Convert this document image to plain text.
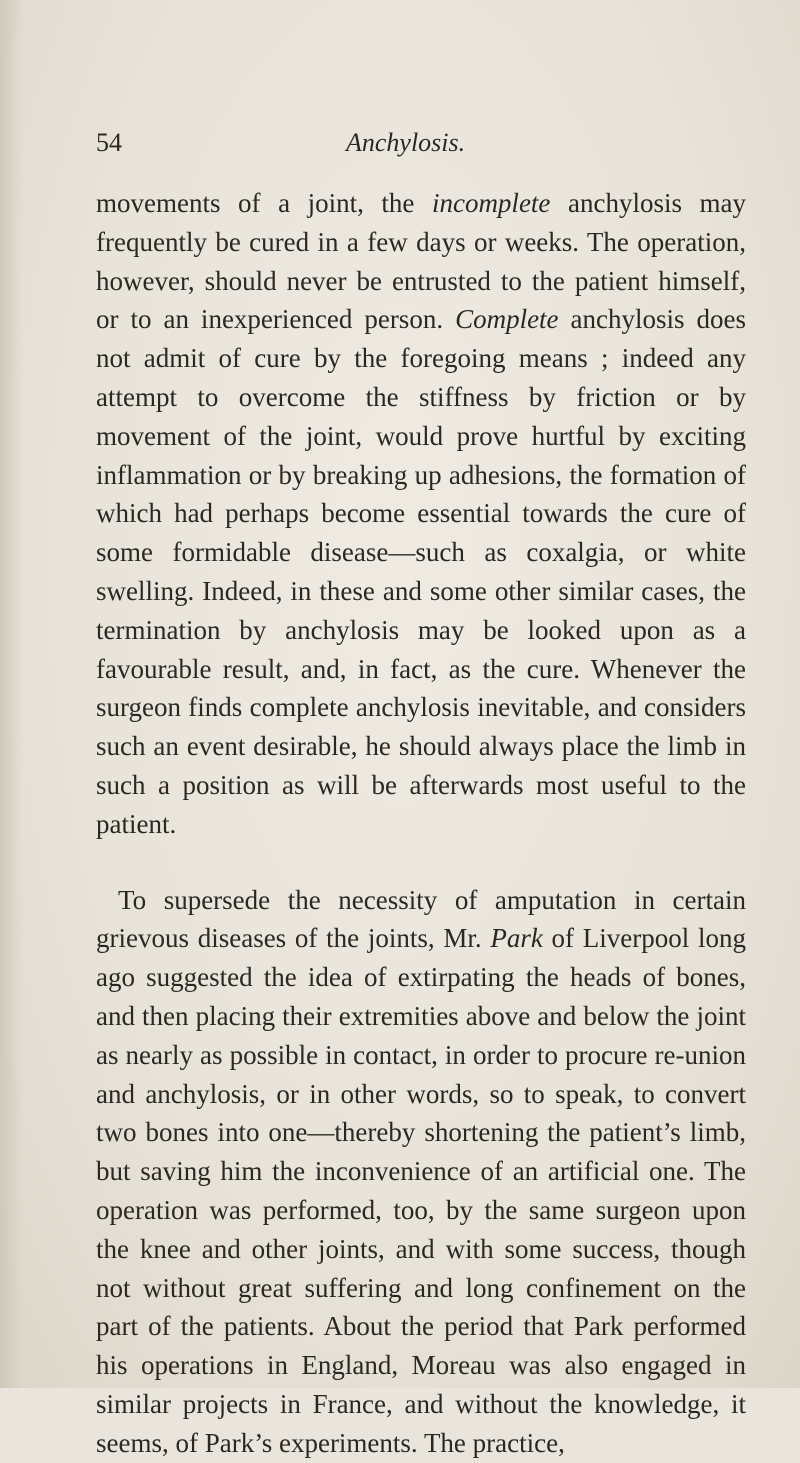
54	Anchylosis.

movements of a joint, the incomplete anchylosis may frequently be cured in a few days or weeks. The operation, however, should never be entrusted to the patient himself, or to an inexperienced person. Complete anchylosis does not admit of cure by the foregoing means ; indeed any attempt to overcome the stiffness by friction or by movement of the joint, would prove hurtful by exciting inflammation or by breaking up adhesions, the formation of which had perhaps become essential towards the cure of some formidable disease—such as coxalgia, or white swelling. Indeed, in these and some other similar cases, the termination by anchylosis may be looked upon as a favourable result, and, in fact, as the cure. Whenever the surgeon finds complete anchylosis inevitable, and considers such an event desirable, he should always place the limb in such a position as will be afterwards most useful to the patient.

To supersede the necessity of amputation in certain grievous diseases of the joints, Mr. Park of Liverpool long ago suggested the idea of extirpating the heads of bones, and then placing their extremities above and below the joint as nearly as possible in contact, in order to procure re-union and anchylosis, or in other words, so to speak, to convert two bones into one—thereby shortening the patient’s limb, but saving him the inconvenience of an artificial one. The operation was performed, too, by the same surgeon upon the knee and other joints, and with some success, though not without great suffering and long confinement on the part of the patients. About the period that Park performed his operations in England, Moreau was also engaged in similar projects in France, and without the knowledge, it seems, of Park’s experiments. The practice,
